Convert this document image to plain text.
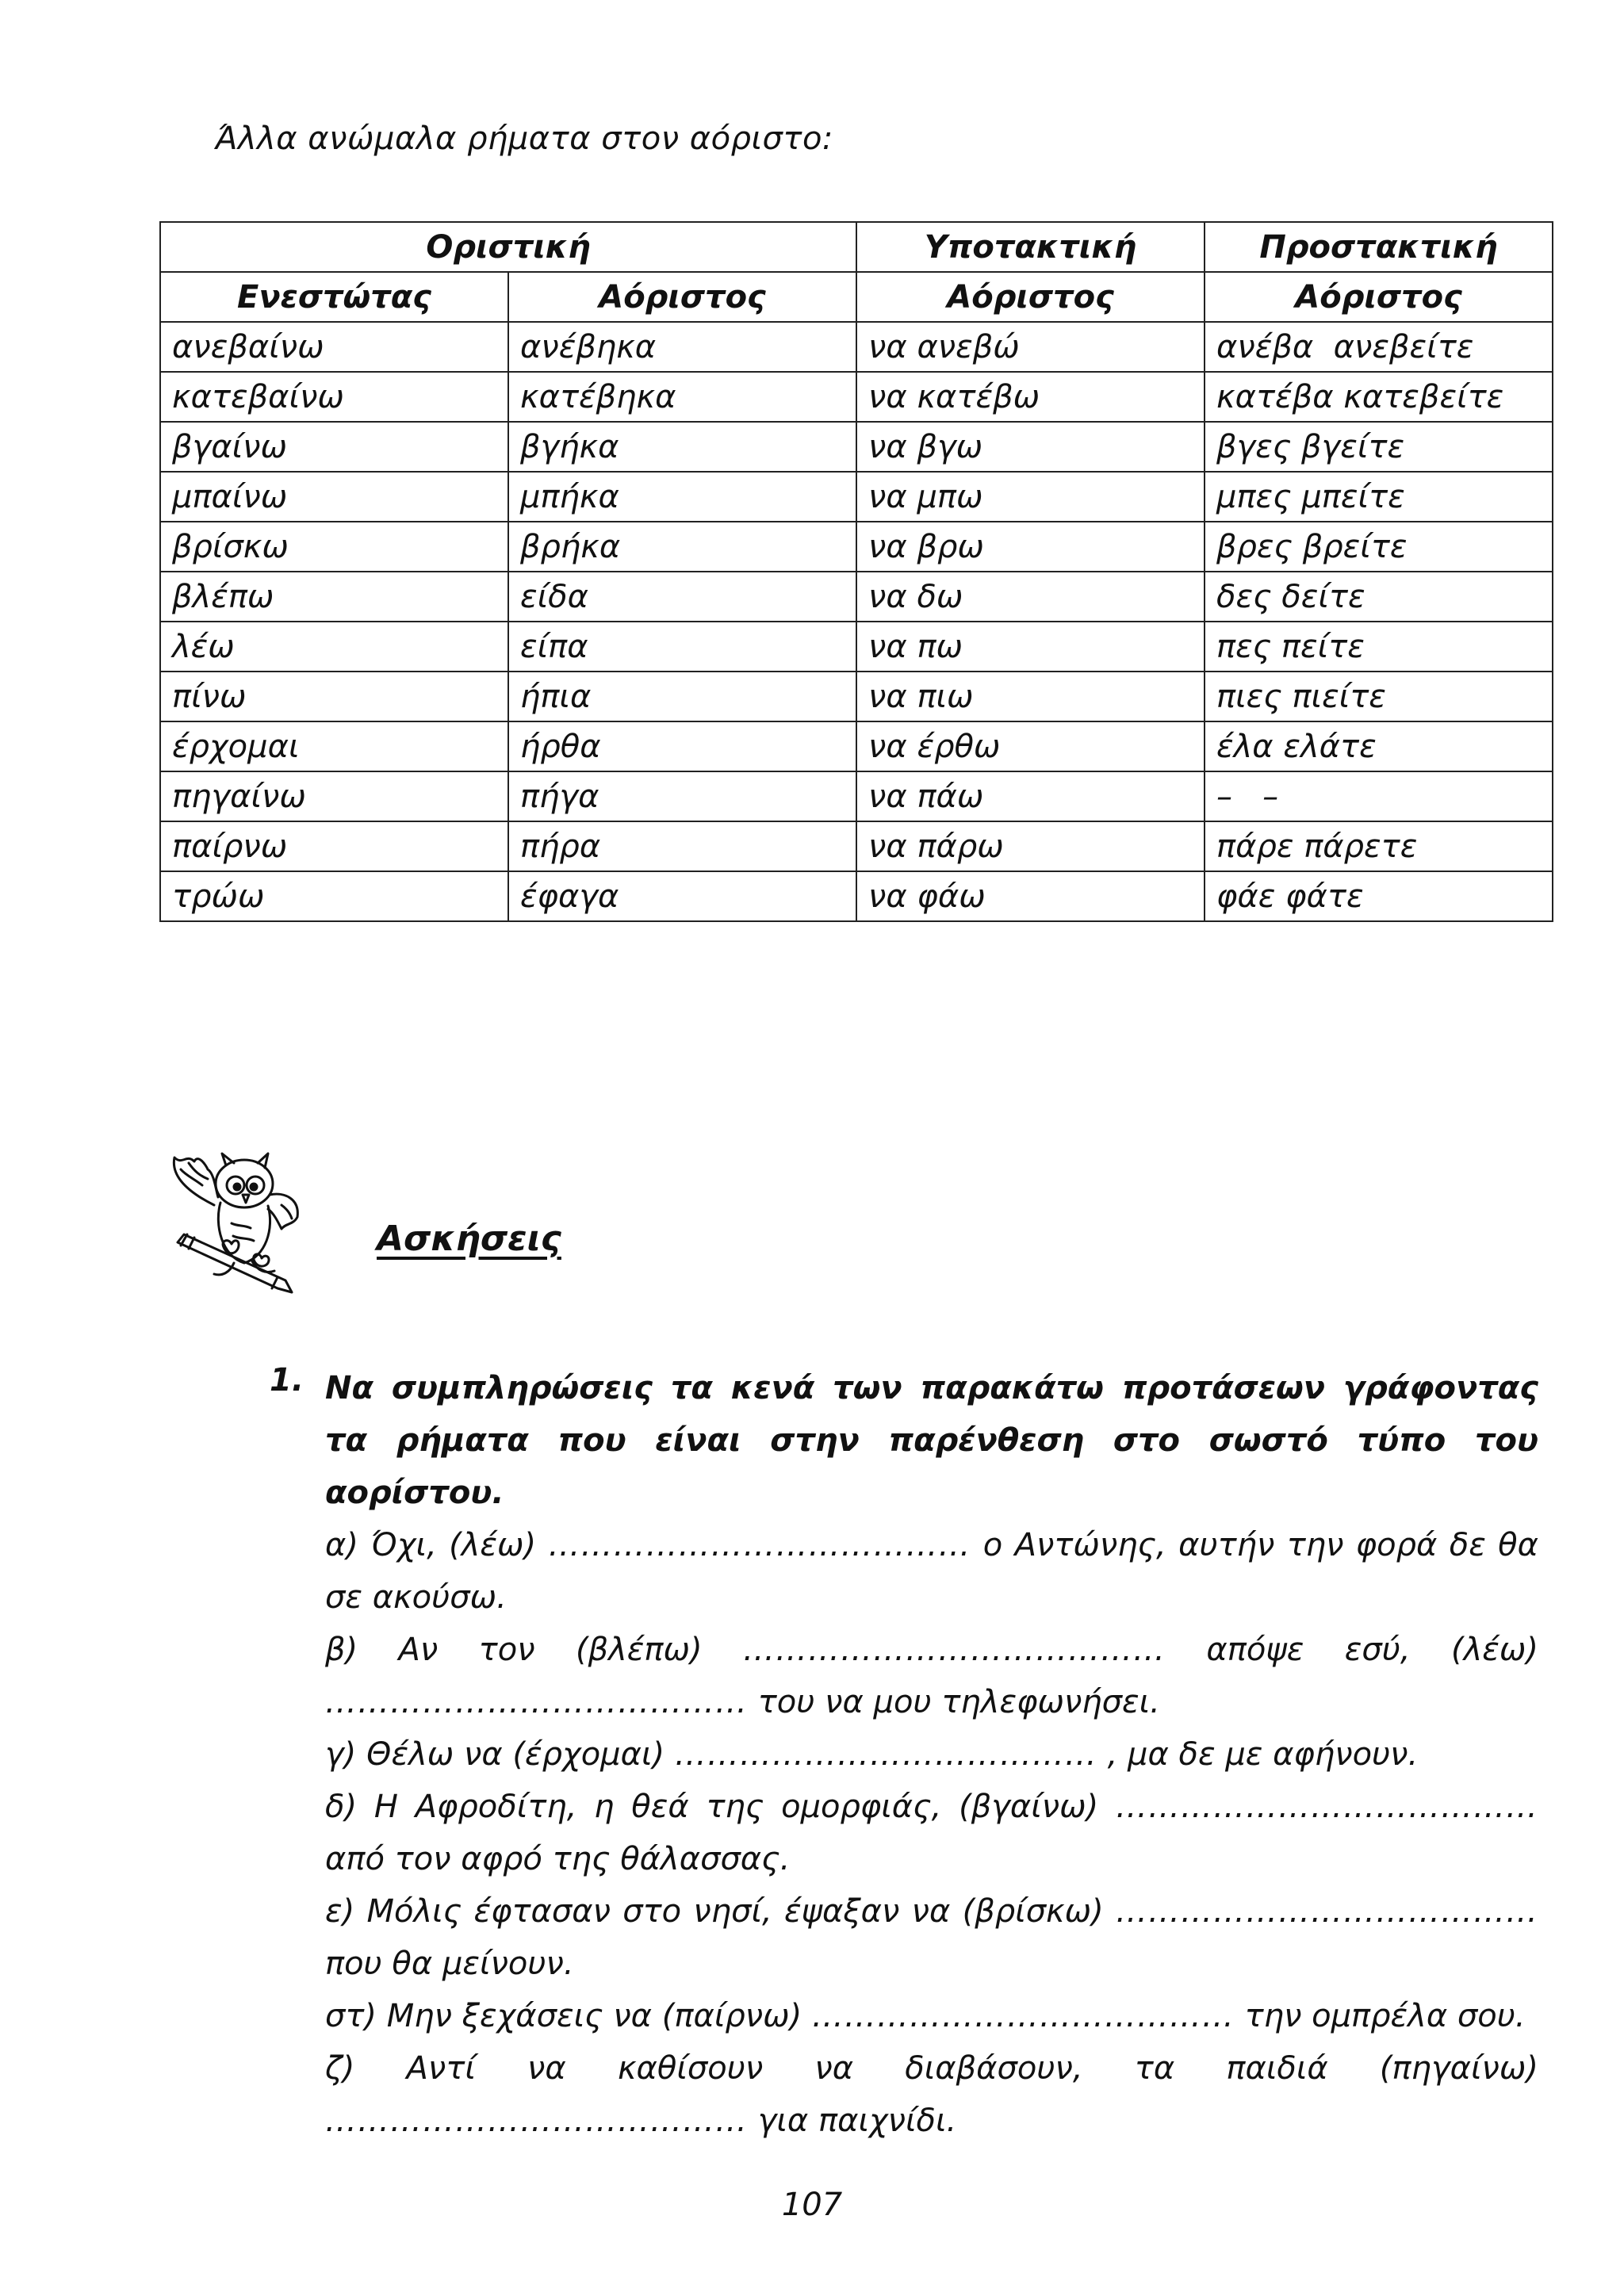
Άλλα ανώμαλα ρήματα στον αόριστο:
Οριστική		Υποτακτική	Προστακτική
Ενεστώτας	Αόριστος	Αόριστος	Αόριστος
ανεβαίνω	ανέβηκα	να ανεβώ	ανέβα  ανεβείτε
κατεβαίνω	κατέβηκα	να κατέβω	κατέβα κατεβείτε
βγαίνω	βγήκα	να βγω	βγες βγείτε
μπαίνω	μπήκα	να μπω	μπες μπείτε
βρίσκω	βρήκα	να βρω	βρες βρείτε
βλέπω	είδα	να δω	δες δείτε
λέω	είπα	να πω	πες πείτε
πίνω	ήπια	να πιω	πιες πιείτε
έρχομαι	ήρθα	να έρθω	έλα ελάτε
πηγαίνω	πήγα	να πάω	–   –
παίρνω	πήρα	να πάρω	πάρε πάρετε
τρώω	έφαγα	να φάω	φάε φάτε
Ασκήσεις
1. Να συμπληρώσεις τα κενά των παρακάτω προτάσεων γράφοντας τα ρήματα που είναι στην παρένθεση στο σωστό τύπο του αορίστου.
α) Όχι, (λέω) ………………………………… ο Αντώνης, αυτήν την φορά δε θα σε ακούσω.
β) Αν τον (βλέπω) ………………………………… απόψε εσύ, (λέω) ………………………………… του να μου τηλεφωνήσει.
γ) Θέλω να (έρχομαι) ………………………………… , μα δε με αφήνουν.
δ) Η Αφροδίτη, η θεά της ομορφιάς, (βγαίνω) ………………………………… από τον αφρό της θάλασσας.
ε) Μόλις έφτασαν στο νησί, έψαξαν να (βρίσκω) ………………………………… που θα μείνουν.
στ) Μην ξεχάσεις να (παίρνω) ………………………………… την ομπρέλα σου.
ζ) Αντί να καθίσουν να διαβάσουν, τα παιδιά (πηγαίνω) ………………………………… για παιχνίδι.
107
